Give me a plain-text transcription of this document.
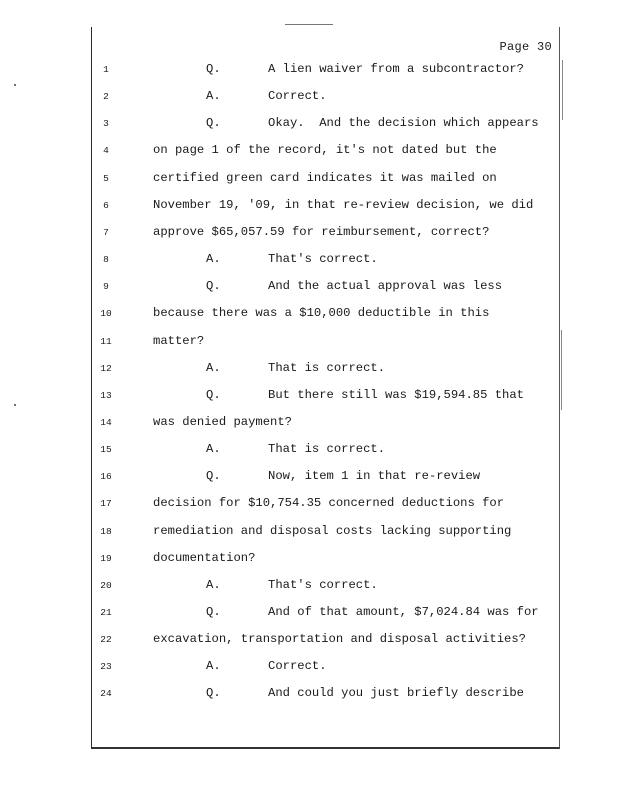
Page 30
1	Q.	A lien waiver from a subcontractor?
2	A.	Correct.
3	Q.	Okay.  And the decision which appears
4	on page 1 of the record, it's not dated but the
5	certified green card indicates it was mailed on
6	November 19, '09, in that re-review decision, we did
7	approve $65,057.59 for reimbursement, correct?
8	A.	That's correct.
9	Q.	And the actual approval was less
10	because there was a $10,000 deductible in this
11	matter?
12	A.	That is correct.
13	Q.	But there still was $19,594.85 that
14	was denied payment?
15	A.	That is correct.
16	Q.	Now, item 1 in that re-review
17	decision for $10,754.35 concerned deductions for
18	remediation and disposal costs lacking supporting
19	documentation?
20	A.	That's correct.
21	Q.	And of that amount, $7,024.84 was for
22	excavation, transportation and disposal activities?
23	A.	Correct.
24	Q.	And could you just briefly describe
